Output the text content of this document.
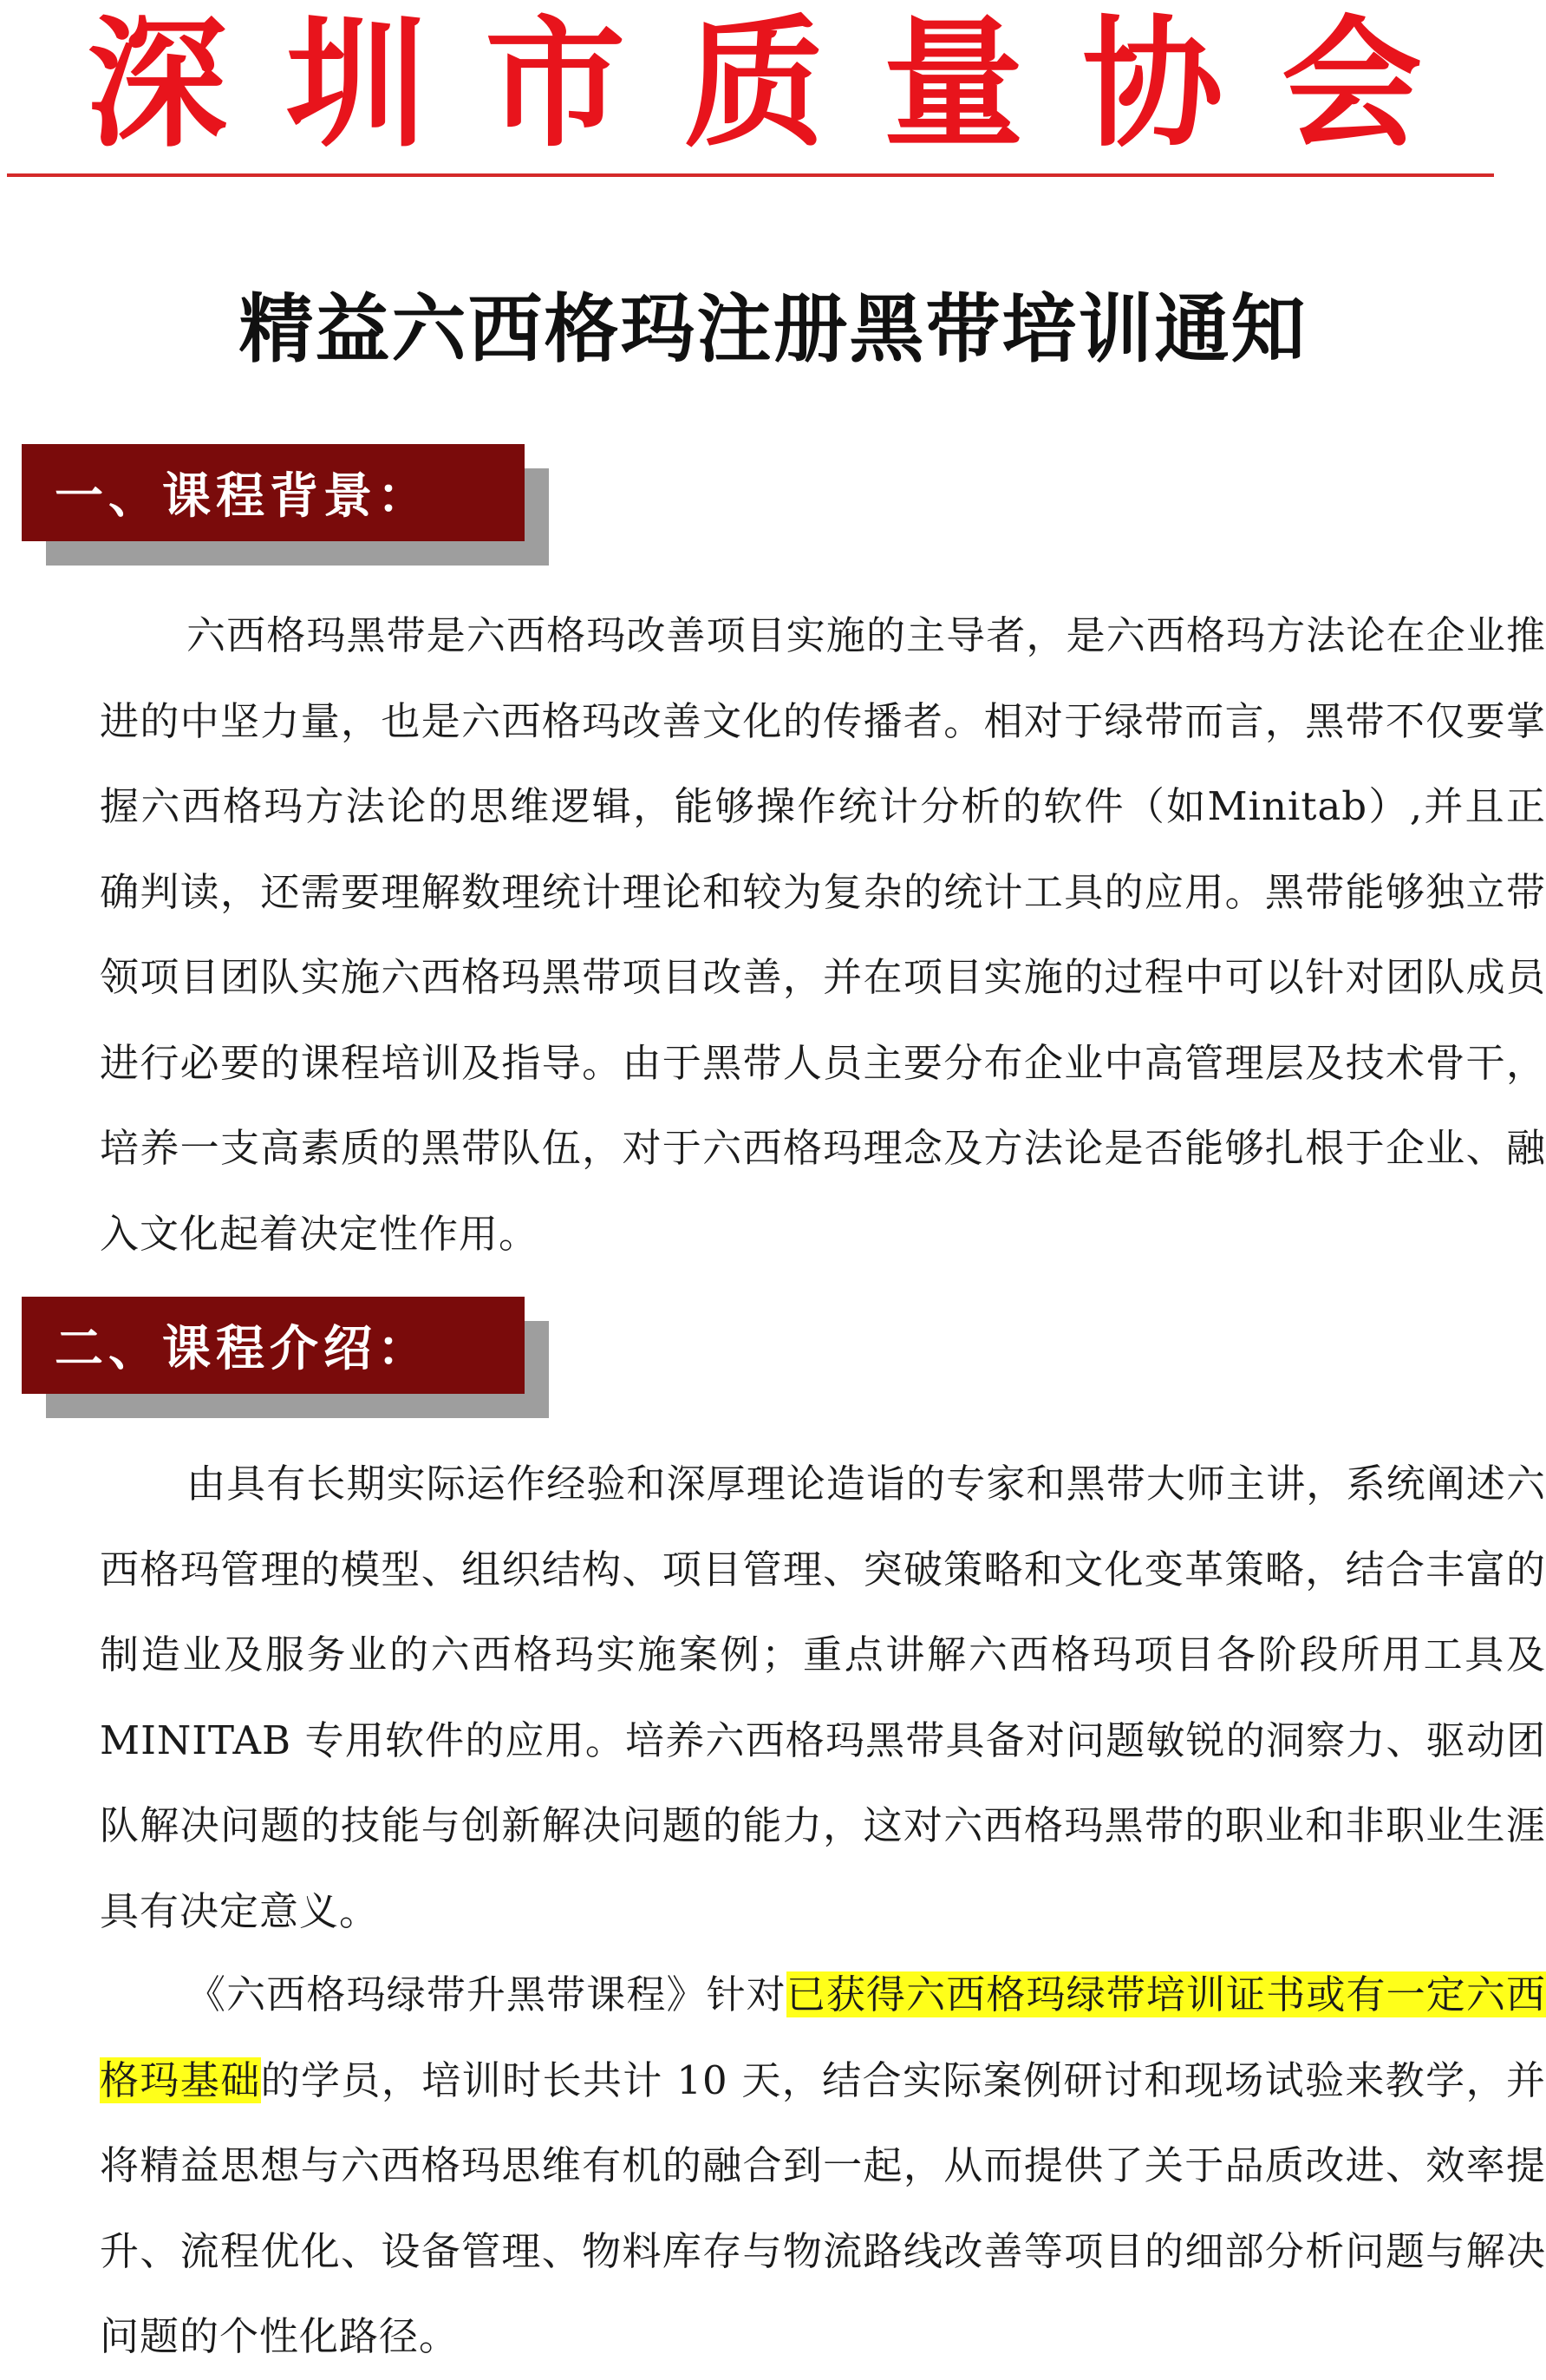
深 圳 市 质 量 协 会
精益六西格玛注册黑带培训通知
一、课程背景：

六西格玛黑带是六西格玛改善项目实施的主导者，是六西格玛方法论在企业推进的中坚力量，也是六西格玛改善文化的传播者。相对于绿带而言，黑带不仅要掌握六西格玛方法论的思维逻辑，能够操作统计分析的软件（如Minitab）,并且正确判读，还需要理解数理统计理论和较为复杂的统计工具的应用。黑带能够独立带领项目团队实施六西格玛黑带项目改善，并在项目实施的过程中可以针对团队成员进行必要的课程培训及指导。由于黑带人员主要分布企业中高管理层及技术骨干，培养一支高素质的黑带队伍，对于六西格玛理念及方法论是否能够扎根于企业、融入文化起着决定性作用。

二、课程介绍：

由具有长期实际运作经验和深厚理论造诣的专家和黑带大师主讲，系统阐述六西格玛管理的模型、组织结构、项目管理、突破策略和文化变革策略，结合丰富的制造业及服务业的六西格玛实施案例；重点讲解六西格玛项目各阶段所用工具及 MINITAB 专用软件的应用。培养六西格玛黑带具备对问题敏锐的洞察力、驱动团队解决问题的技能与创新解决问题的能力，这对六西格玛黑带的职业和非职业生涯具有决定意义。

《六西格玛绿带升黑带课程》针对已获得六西格玛绿带培训证书或有一定六西格玛基础的学员，培训时长共计 10 天，结合实际案例研讨和现场试验来教学，并将精益思想与六西格玛思维有机的融合到一起，从而提供了关于品质改进、效率提升、流程优化、设备管理、物料库存与物流路线改善等项目的细部分析问题与解决问题的个性化路径。
